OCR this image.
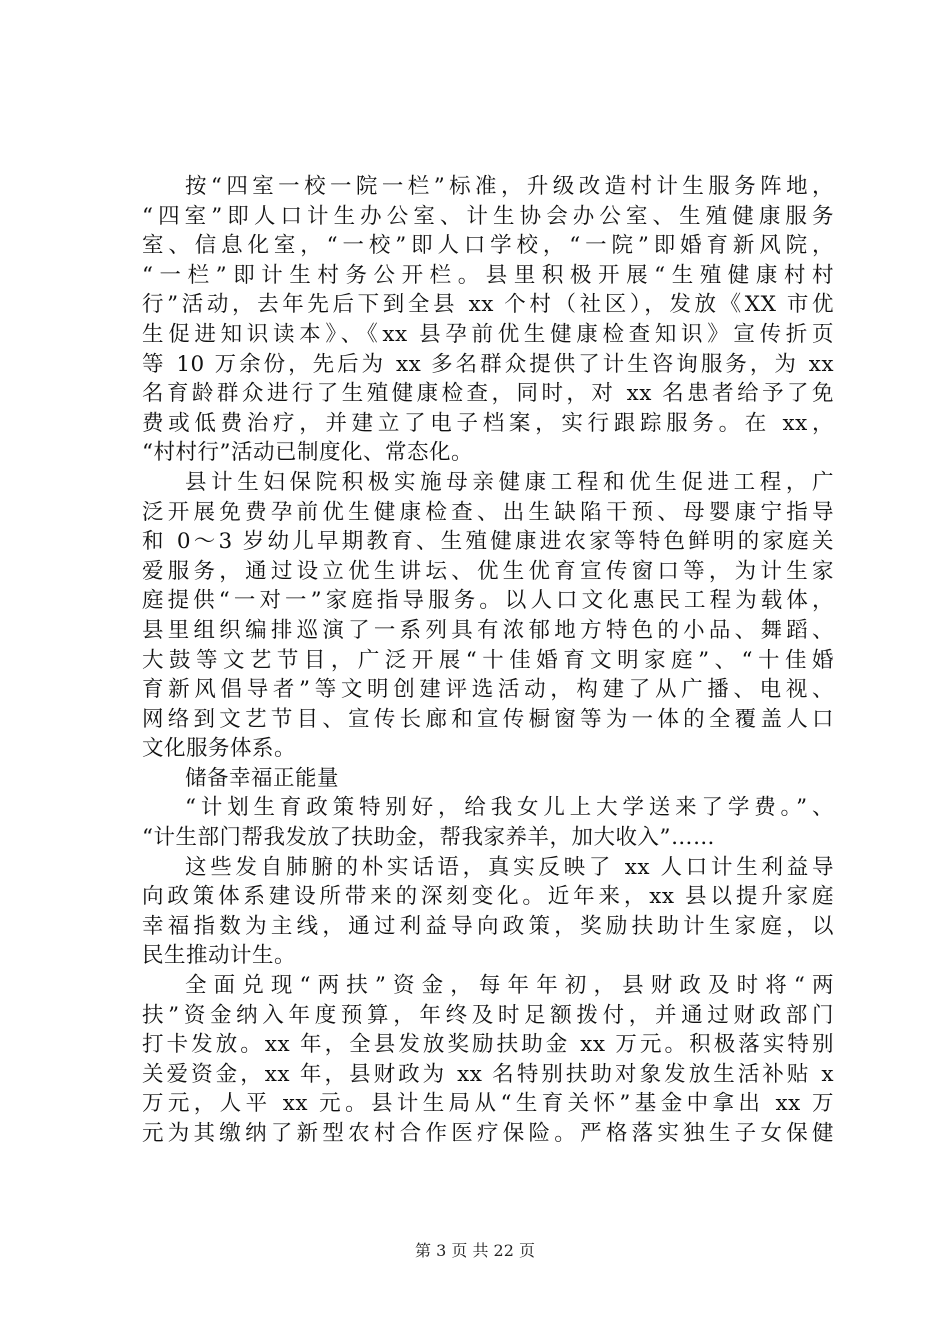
按“四室一校一院一栏”标准，升级改造村计生服务阵地，
“四室”即人口计生办公室、计生协会办公室、生殖健康服务
室、信息化室，“一校”即人口学校，“一院”即婚育新风院，
“一栏”即计生村务公开栏。县里积极开展“生殖健康村村
行”活动，去年先后下到全县 xx 个村（社区），发放《XX 市优
生促进知识读本》、《xx 县孕前优生健康检查知识》宣传折页
等 10 万余份，先后为 xx 多名群众提供了计生咨询服务，为 xx
名育龄群众进行了生殖健康检查，同时，对 xx 名患者给予了免
费或低费治疗，并建立了电子档案，实行跟踪服务。在 xx，
“村村行”活动已制度化、常态化。
县计生妇保院积极实施母亲健康工程和优生促进工程，广
泛开展免费孕前优生健康检查、出生缺陷干预、母婴康宁指导
和 0～3 岁幼儿早期教育、生殖健康进农家等特色鲜明的家庭关
爱服务，通过设立优生讲坛、优生优育宣传窗口等，为计生家
庭提供“一对一”家庭指导服务。以人口文化惠民工程为载体，
县里组织编排巡演了一系列具有浓郁地方特色的小品、舞蹈、
大鼓等文艺节目，广泛开展“十佳婚育文明家庭”、“十佳婚
育新风倡导者”等文明创建评选活动，构建了从广播、电视、
网络到文艺节目、宣传长廊和宣传橱窗等为一体的全覆盖人口
文化服务体系。
储备幸福正能量
“计划生育政策特别好，给我女儿上大学送来了学费。”、
“计生部门帮我发放了扶助金，帮我家养羊，加大收入”……
这些发自肺腑的朴实话语，真实反映了 xx 人口计生利益导
向政策体系建设所带来的深刻变化。近年来，xx 县以提升家庭
幸福指数为主线，通过利益导向政策，奖励扶助计生家庭，以
民生推动计生。
全面兑现“两扶”资金，每年年初，县财政及时将“两
扶”资金纳入年度预算，年终及时足额拨付，并通过财政部门
打卡发放。xx 年，全县发放奖励扶助金 xx 万元。积极落实特别
关爱资金，xx 年，县财政为 xx 名特别扶助对象发放生活补贴 x
万元，人平 xx 元。县计生局从“生育关怀”基金中拿出 xx 万
元为其缴纳了新型农村合作医疗保险。严格落实独生子女保健
第 3 页 共 22 页
